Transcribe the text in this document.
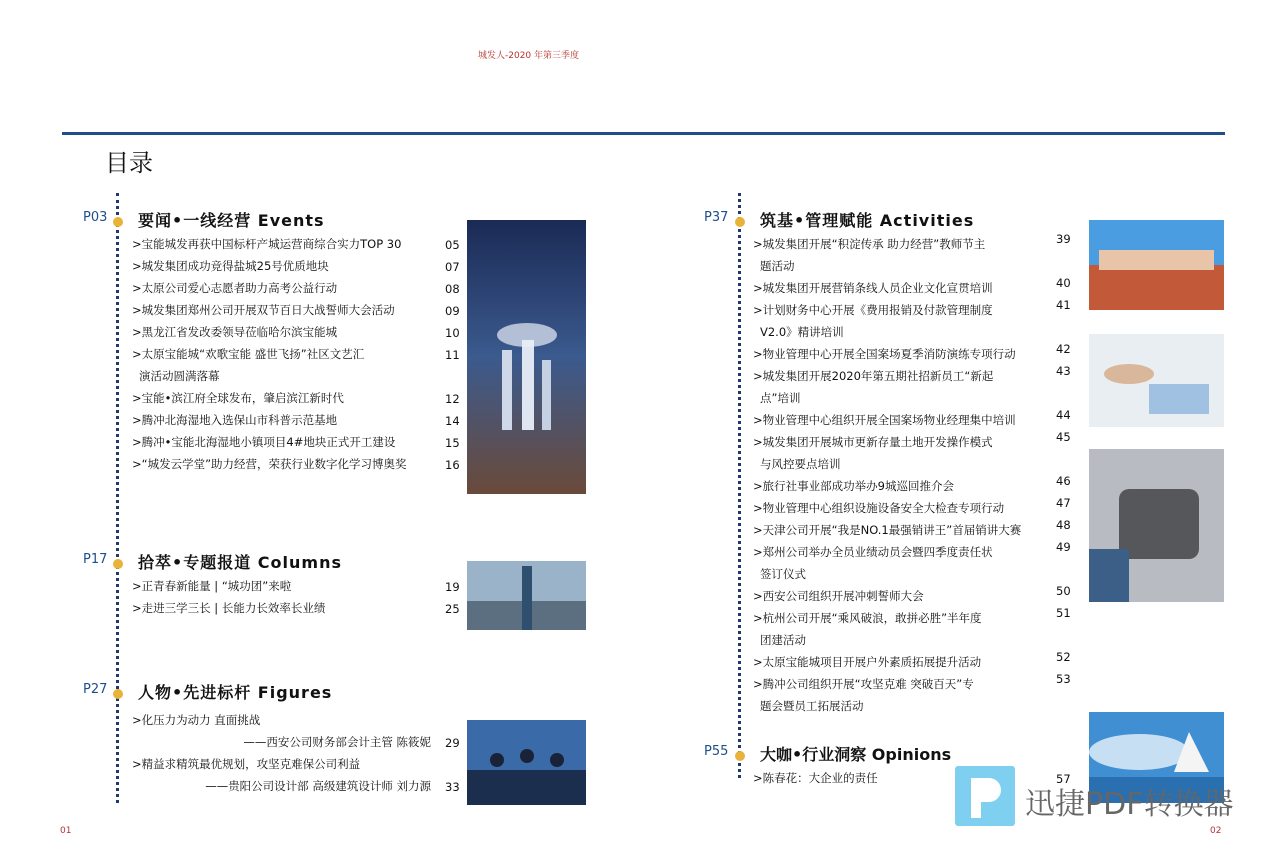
城发人-2020 年第三季度
目录
P03 要闻•一线经营 Events
>宝能城发再获中国标杆产城运营商综合实力TOP 30	05
>城发集团成功竞得盐城25号优质地块	07
>太原公司爱心志愿者助力高考公益行动	08
>城发集团郑州公司开展双节百日大战誓师大会活动	09
>黑龙江省发改委领导莅临哈尔滨宝能城	10
>太原宝能城“欢歌宝能 盛世飞扬”社区文艺汇
演活动圆满落幕
11
>宝能•滨江府全球发布，肇启滨江新时代	12
>腾冲北海湿地入选保山市科普示范基地	14
>腾冲•宝能北海湿地小镇项目4#地块正式开工建设	15
>“城发云学堂”助力经营，荣获行业数字化学习博奥奖	16
P17 拾萃•专题报道 Columns
>正青春新能量 | “城功团”来啦	19
>走进三学三长 | 长能力长效率长业绩	25
P27 人物•先进标杆 Figures
>化压力为动力 直面挑战
——西安公司财务部会计主管 陈筱妮 29
>精益求精筑最优规划，攻坚克难保公司利益
——贵阳公司设计部 高级建筑设计师 刘力源 33
P37 筑基•管理赋能 Activities
>城发集团开展“积淀传承 助力经营”教师节主
题活动
39
>城发集团开展营销条线人员企业文化宣贯培训	40
>计划财务中心开展《费用报销及付款管理制度
V2.0》精讲培训
41
>物业管理中心开展全国案场夏季消防演练专项行动	42
>城发集团开展2020年第五期社招新员工“新起
点”培训
43
>物业管理中心组织开展全国案场物业经理集中培训	44
>城发集团开展城市更新存量土地开发操作模式
与风控要点培训
45
>旅行社事业部成功举办9城巡回推介会	46
>物业管理中心组织设施设备安全大检查专项行动	47
>天津公司开展“我是NO.1最强销讲王”首届销讲大赛	48
>郑州公司举办全员业绩动员会暨四季度责任状
签订仪式
49
>西安公司组织开展冲刺誓师大会	50
>杭州公司开展“乘风破浪，敢拼必胜”半年度
团建活动
51
>太原宝能城项目开展户外素质拓展提升活动	52
>腾冲公司组织开展“攻坚克难 突破百天”专
题会暨员工拓展活动
53
P55 大咖•行业洞察 Opinions
>陈春花：大企业的责任	57
迅捷PDF转换器
01	02
